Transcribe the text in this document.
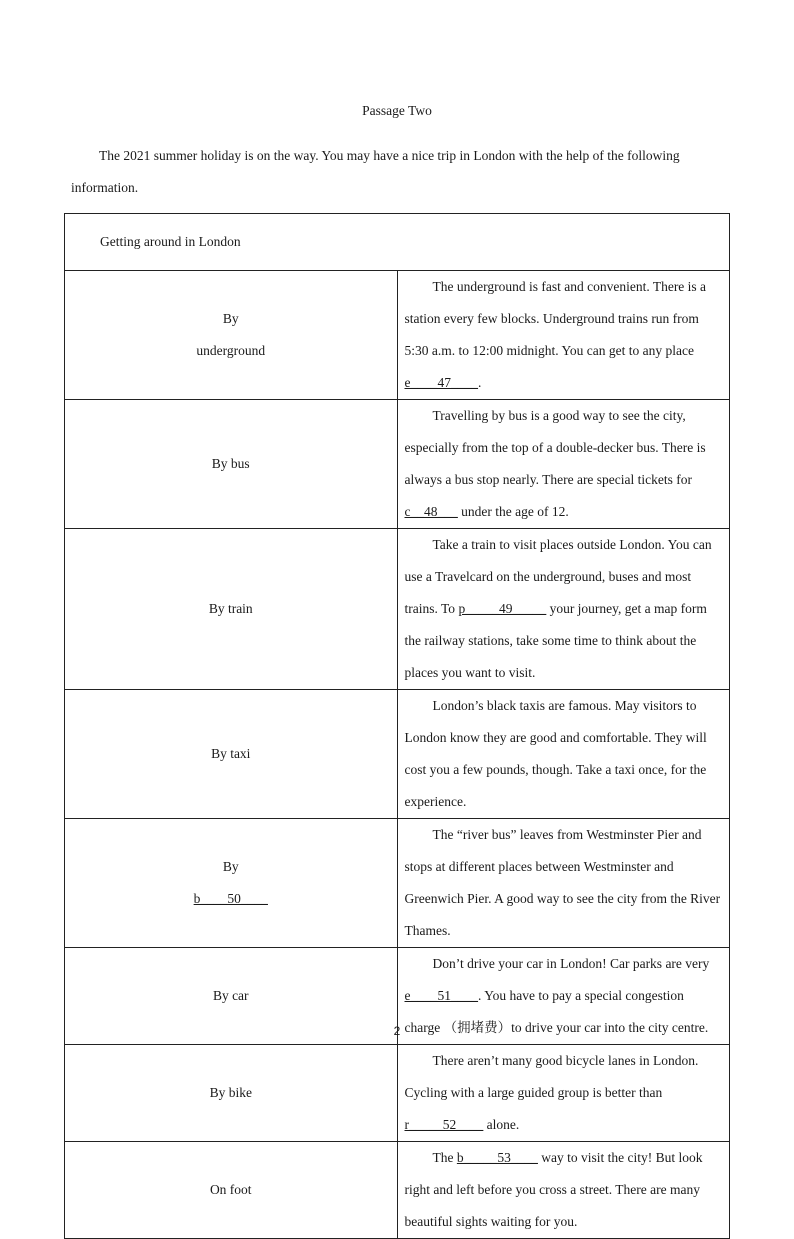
Passage Two

The 2021 summer holiday is on the way. You may have a nice trip in London with the help of the following information.

Getting around in London	

By
underground	The underground is fast and convenient. There is a station every few blocks. Underground trains run from 5:30 a.m. to 12:00 midnight. You can get to any place e____47____.

By bus	Travelling by bus is a good way to see the city, especially from the top of a double-decker bus. There is always a bus stop nearly. There are special tickets for c__48___ under the age of 12.

By train	Take a train to visit places outside London. You can use a Travelcard on the underground, buses and most trains. To p_____49_____ your journey, get a map form the railway stations, take some time to think about the places you want to visit.

By taxi	London’s black taxis are famous. May visitors to London know they are good and comfortable. They will cost you a few pounds, though. Take a taxi once, for the experience.

By
b____50____	The “river bus” leaves from Westminster Pier and stops at different places between Westminster and Greenwich Pier. A good way to see the city from the River Thames.

By car	Don’t drive your car in London! Car parks are very e____51____. You have to pay a special congestion charge （拥堵费）to drive your car into the city centre.

By bike	There aren’t many good bicycle lanes in London. Cycling with a large guided group is better than r_____52____ alone.

On foot	The b_____53____ way to visit the city! But look right and left before you cross a street. There are many beautiful sights waiting for you.
2
